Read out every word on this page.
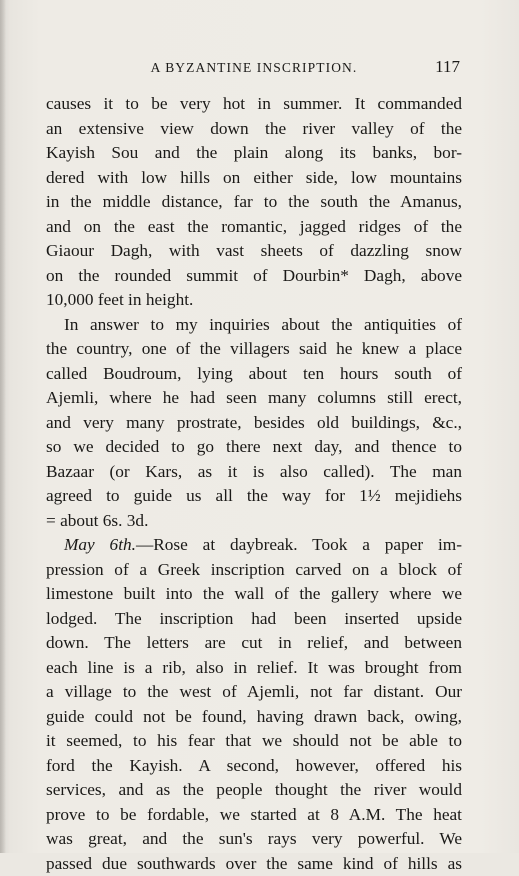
A BYZANTINE INSCRIPTION.	117
causes it to be very hot in summer. It commanded
an extensive view down the river valley of the
Kayish Sou and the plain along its banks, bor-
dered with low hills on either side, low mountains
in the middle distance, far to the south the Amanus,
and on the east the romantic, jagged ridges of the
Giaour Dagh, with vast sheets of dazzling snow
on the rounded summit of Dourbin* Dagh, above
10,000 feet in height.
In answer to my inquiries about the antiquities of
the country, one of the villagers said he knew a place
called Boudroum, lying about ten hours south of
Ajemli, where he had seen many columns still erect,
and very many prostrate, besides old buildings, &c.,
so we decided to go there next day, and thence to
Bazaar (or Kars, as it is also called). The man
agreed to guide us all the way for 1½ mejidiehs
= about 6s. 3d.
May 6th.—Rose at daybreak. Took a paper im-
pression of a Greek inscription carved on a block of
limestone built into the wall of the gallery where we
lodged. The inscription had been inserted upside
down. The letters are cut in relief, and between
each line is a rib, also in relief. It was brought from
a village to the west of Ajemli, not far distant. Our
guide could not be found, having drawn back, owing,
it seemed, to his fear that we should not be able to
ford the Kayish. A second, however, offered his
services, and as the people thought the river would
prove to be fordable, we started at 8 A.M. The heat
was great, and the sun's rays very powerful. We
passed due southwards over the same kind of hills as
